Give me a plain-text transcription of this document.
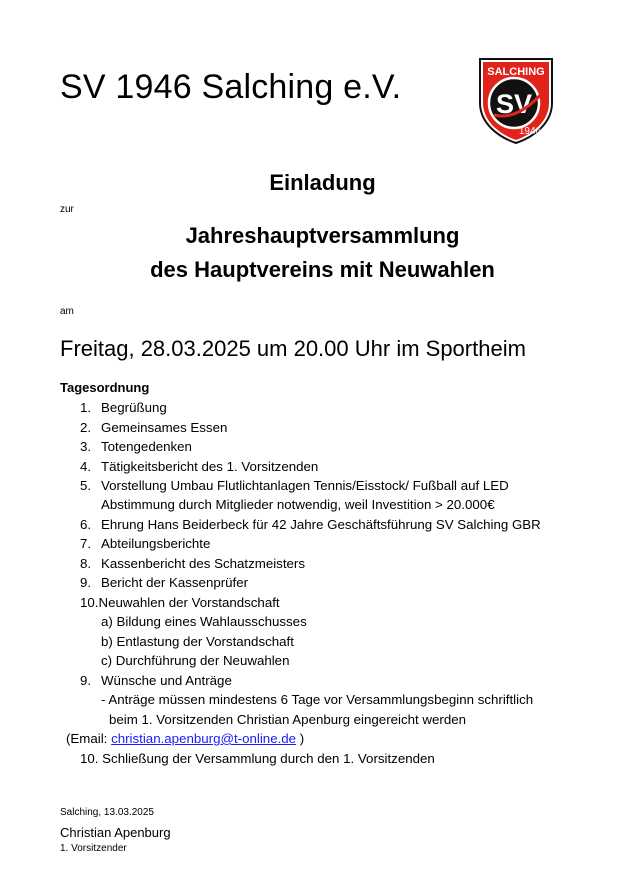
SV 1946 Salching e.V.	SALCHING
SV
1946
Einladung
zur
Jahreshauptversammlung
des Hauptvereins mit Neuwahlen
am
Freitag, 28.03.2025 um 20.00 Uhr im Sportheim
Tagesordnung
1. Begrüßung
2. Gemeinsames Essen
3. Totengedenken
4. Tätigkeitsbericht des 1. Vorsitzenden
5. Vorstellung Umbau Flutlichtanlagen Tennis/Eisstock/ Fußball auf LED
Abstimmung durch Mitglieder notwendig, weil Investition > 20.000€
6. Ehrung Hans Beiderbeck für 42 Jahre Geschäftsführung SV Salching GBR
7. Abteilungsberichte
8. Kassenbericht des Schatzmeisters
9. Bericht der Kassenprüfer
10.Neuwahlen der Vorstandschaft
a) Bildung eines Wahlausschusses
b) Entlastung der Vorstandschaft
c) Durchführung der Neuwahlen
9. Wünsche und Anträge
- Anträge müssen mindestens 6 Tage vor Versammlungsbeginn schriftlich
beim 1. Vorsitzenden Christian Apenburg eingereicht werden
(Email: christian.apenburg@t-online.de )
10. Schließung der Versammlung durch den 1. Vorsitzenden
Salching, 13.03.2025
Christian Apenburg
1. Vorsitzender
